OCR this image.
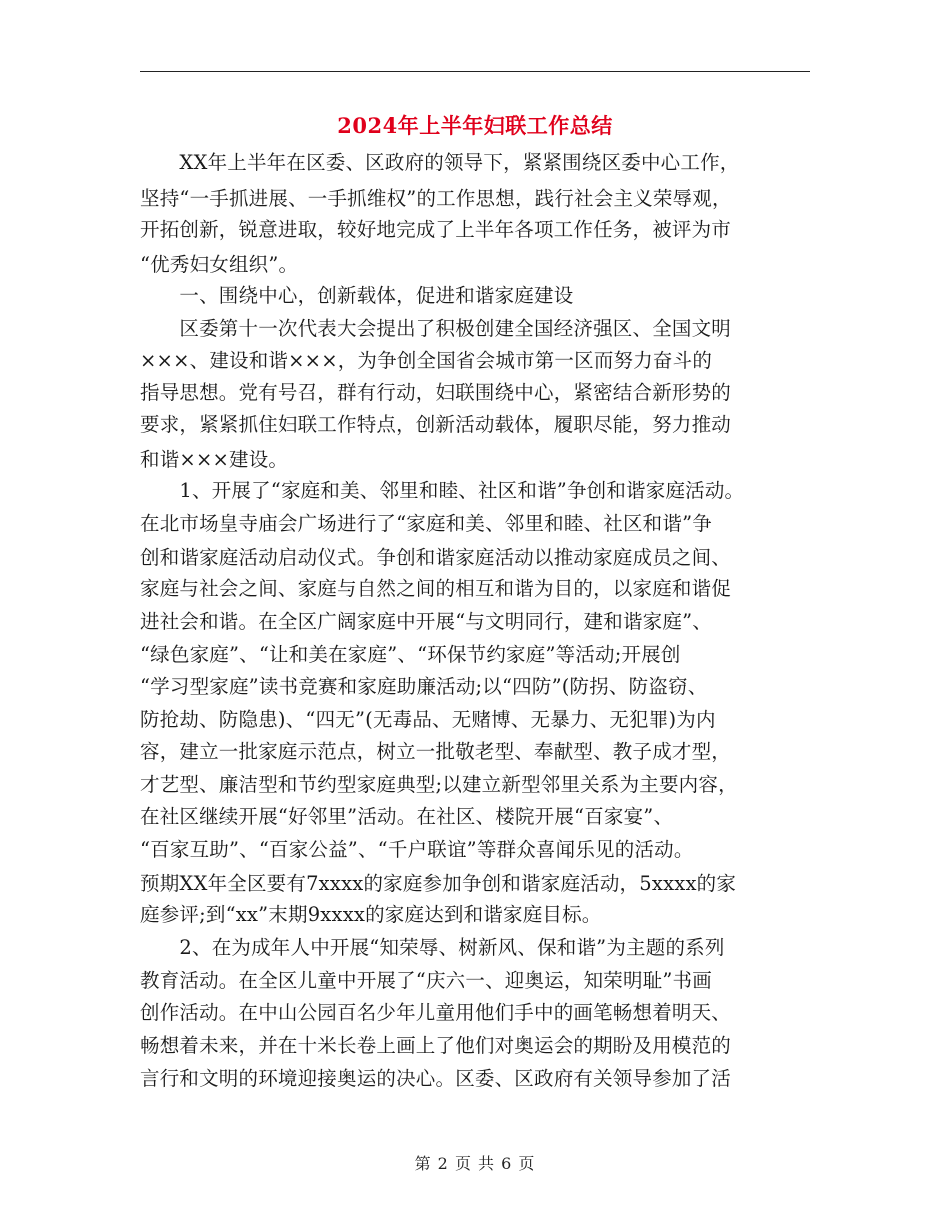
2024年上半年妇联工作总结
　　XX年上半年在区委、区政府的领导下，紧紧围绕区委中心工作，
坚持“一手抓进展、一手抓维权”的工作思想，践行社会主义荣辱观，
开拓创新，锐意进取，较好地完成了上半年各项工作任务，被评为市
“优秀妇女组织”。
　　一、围绕中心，创新载体，促进和谐家庭建设
　　区委第十一次代表大会提出了积极创建全国经济强区、全国文明
×××、建设和谐×××，为争创全国省会城市第一区而努力奋斗的
指导思想。党有号召，群有行动，妇联围绕中心，紧密结合新形势的
要求，紧紧抓住妇联工作特点，创新活动载体，履职尽能，努力推动
和谐×××建设。
　　1、开展了“家庭和美、邻里和睦、社区和谐”争创和谐家庭活动。
在北市场皇寺庙会广场进行了“家庭和美、邻里和睦、社区和谐”争
创和谐家庭活动启动仪式。争创和谐家庭活动以推动家庭成员之间、
家庭与社会之间、家庭与自然之间的相互和谐为目的，以家庭和谐促
进社会和谐。在全区广阔家庭中开展“与文明同行，建和谐家庭”、
“绿色家庭”、“让和美在家庭”、“环保节约家庭”等活动;开展创
“学习型家庭”读书竞赛和家庭助廉活动;以“四防”(防拐、防盗窃、
防抢劫、防隐患)、“四无”(无毒品、无赌博、无暴力、无犯罪)为内
容，建立一批家庭示范点，树立一批敬老型、奉献型、教子成才型，
才艺型、廉洁型和节约型家庭典型;以建立新型邻里关系为主要内容，
在社区继续开展“好邻里”活动。在社区、楼院开展“百家宴”、
“百家互助”、“百家公益”、“千户联谊”等群众喜闻乐见的活动。
预期XX年全区要有7xxxx的家庭参加争创和谐家庭活动，5xxxx的家
庭参评;到“xx”末期9xxxx的家庭达到和谐家庭目标。
　　2、在为成年人中开展“知荣辱、树新风、保和谐”为主题的系列
教育活动。在全区儿童中开展了“庆六一、迎奥运，知荣明耻”书画
创作活动。在中山公园百名少年儿童用他们手中的画笔畅想着明天、
畅想着未来，并在十米长卷上画上了他们对奥运会的期盼及用模范的
言行和文明的环境迎接奥运的决心。区委、区政府有关领导参加了活
第 2 页 共 6 页
